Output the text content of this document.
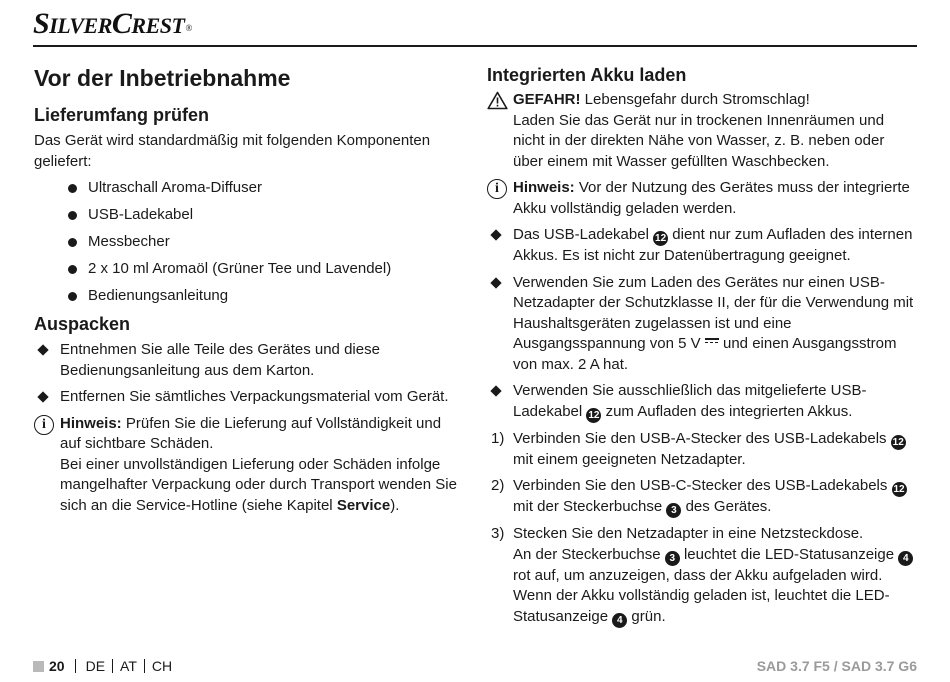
SILVERCREST®
Vor der Inbetriebnahme
Lieferumfang prüfen

Das Gerät wird standardmäßig mit folgenden Komponenten geliefert:

Ultraschall Aroma-Diffuser
USB-Ladekabel
Messbecher
2 x 10 ml Aromaöl (Grüner Tee und Lavendel)
Bedienungsanleitung
Auspacken
Entnehmen Sie alle Teile des Gerätes und diese Bedienungsanleitung aus dem Karton.
Entfernen Sie sämtliches Verpackungsmaterial vom Gerät.
i Hinweis: Prüfen Sie die Lieferung auf Vollständigkeit und auf sichtbare Schäden.
Bei einer unvollständigen Lieferung oder Schäden infolge mangelhafter Verpackung oder durch Transport wenden Sie sich an die Service-Hotline (siehe Kapitel Service).
Integrierten Akku laden
GEFAHR! Lebensgefahr durch Stromschlag!
Laden Sie das Gerät nur in trockenen Innenräumen und nicht in der direkten Nähe von Wasser, z. B. neben oder über einem mit Wasser gefüllten Waschbecken.
i Hinweis: Vor der Nutzung des Gerätes muss der integrierte Akku vollständig geladen werden.
Das USB-Ladekabel 12 dient nur zum Aufladen des internen Akkus. Es ist nicht zur Datenübertragung geeignet.
Verwenden Sie zum Laden des Gerätes nur einen USB-Netzadapter der Schutzklasse II, der für die Verwendung mit Haushaltsgeräten zugelassen ist und eine Ausgangsspannung von 5 V und einen Ausgangsstrom von max. 2 A hat.
Verwenden Sie ausschließlich das mitgelieferte USB-Ladekabel 12 zum Aufladen des integrierten Akkus.
1) Verbinden Sie den USB-A-Stecker des USB-Ladekabels 12 mit einem geeigneten Netzadapter.
2) Verbinden Sie den USB-C-Stecker des USB-Ladekabels 12 mit der Steckerbuchse 3 des Gerätes.
3) Stecken Sie den Netzadapter in eine Netzsteckdose.
An der Steckerbuchse 3 leuchtet die LED-Statusanzeige 4 rot auf, um anzuzeigen, dass der Akku aufgeladen wird.
Wenn der Akku vollständig geladen ist, leuchtet die LED-Statusanzeige 4 grün.
20 DE AT CH	SAD 3.7 F5 / SAD 3.7 G6
